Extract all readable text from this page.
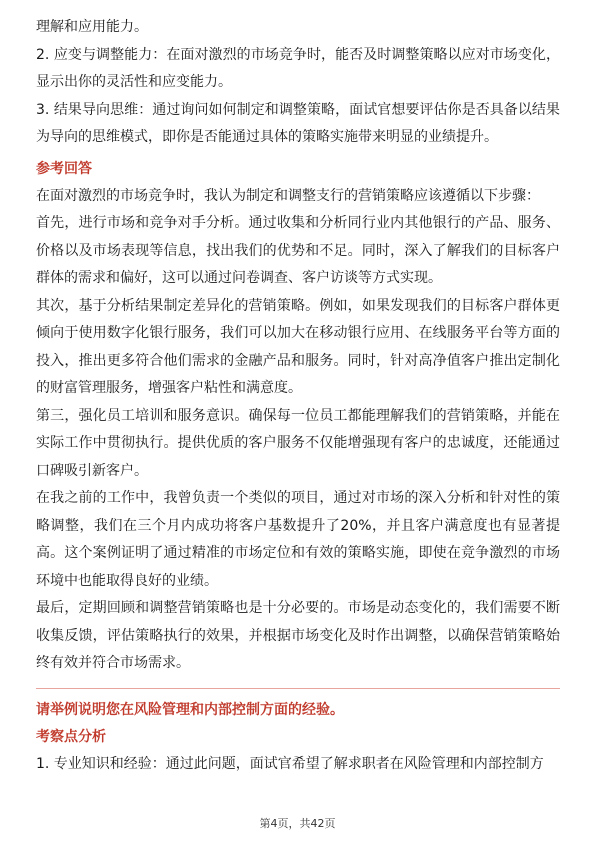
理解和应用能力。

2. 应变与调整能力：在面对激烈的市场竞争时，能否及时调整策略以应对市场变化，显示出你的灵活性和应变能力。

3. 结果导向思维：通过询问如何制定和调整策略，面试官想要评估你是否具备以结果为导向的思维模式，即你是否能通过具体的策略实施带来明显的业绩提升。

参考回答

在面对激烈的市场竞争时，我认为制定和调整支行的营销策略应该遵循以下步骤：

首先，进行市场和竞争对手分析。通过收集和分析同行业内其他银行的产品、服务、价格以及市场表现等信息，找出我们的优势和不足。同时，深入了解我们的目标客户群体的需求和偏好，这可以通过问卷调查、客户访谈等方式实现。

其次，基于分析结果制定差异化的营销策略。例如，如果发现我们的目标客户群体更倾向于使用数字化银行服务，我们可以加大在移动银行应用、在线服务平台等方面的投入，推出更多符合他们需求的金融产品和服务。同时，针对高净值客户推出定制化的财富管理服务，增强客户粘性和满意度。

第三，强化员工培训和服务意识。确保每一位员工都能理解我们的营销策略，并能在实际工作中贯彻执行。提供优质的客户服务不仅能增强现有客户的忠诚度，还能通过口碑吸引新客户。

在我之前的工作中，我曾负责一个类似的项目，通过对市场的深入分析和针对性的策略调整，我们在三个月内成功将客户基数提升了20%，并且客户满意度也有显著提高。这个案例证明了通过精准的市场定位和有效的策略实施，即使在竞争激烈的市场环境中也能取得良好的业绩。

最后，定期回顾和调整营销策略也是十分必要的。市场是动态变化的，我们需要不断收集反馈，评估策略执行的效果，并根据市场变化及时作出调整，以确保营销策略始终有效并符合市场需求。

请举例说明您在风险管理和内部控制方面的经验。

考察点分析

1. 专业知识和经验：通过此问题，面试官希望了解求职者在风险管理和内部控制方

第4页，共42页
